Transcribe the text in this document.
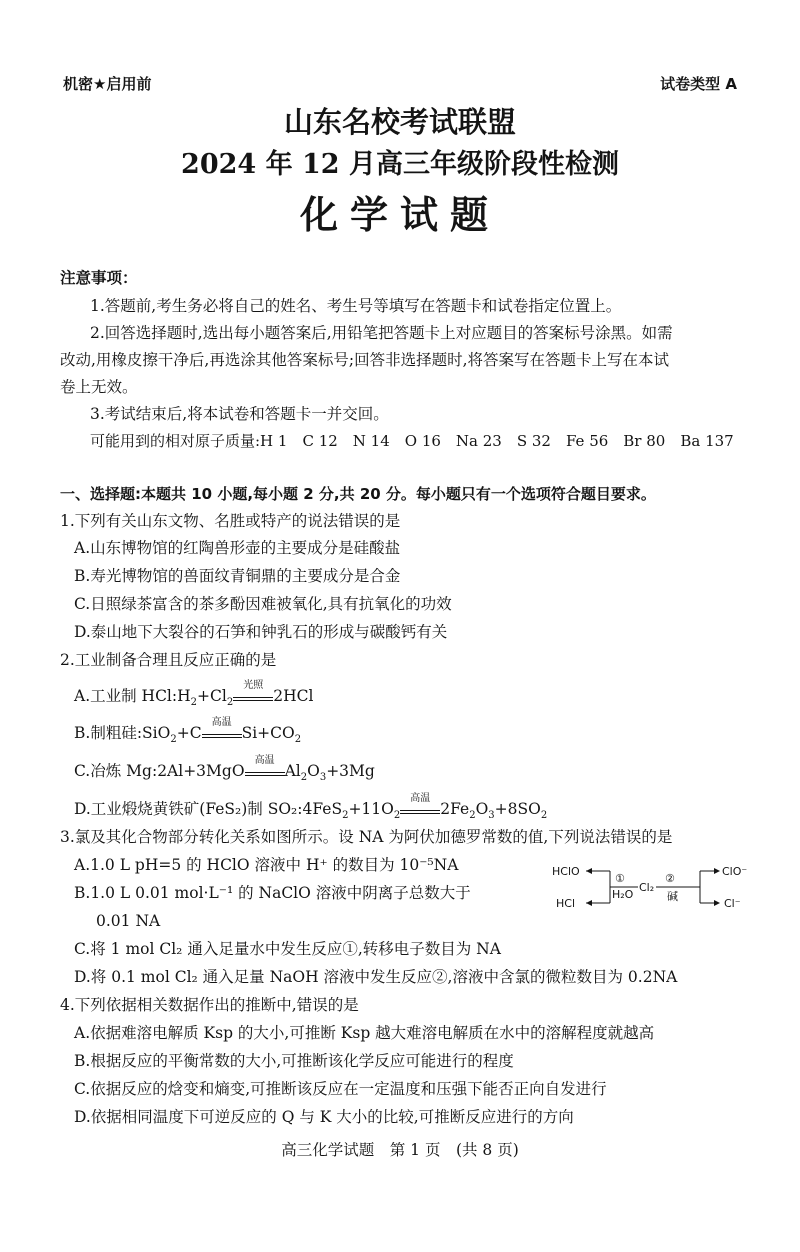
机密★启用前	试卷类型 A
山东名校考试联盟
2024 年 12 月高三年级阶段性检测
化学试题
注意事项：
1.答题前,考生务必将自己的姓名、考生号等填写在答题卡和试卷指定位置上。
2.回答选择题时,选出每小题答案后,用铅笔把答题卡上对应题目的答案标号涂黑。如需
改动,用橡皮擦干净后,再选涂其他答案标号;回答非选择题时,将答案写在答题卡上写在本试
卷上无效。
3.考试结束后,将本试卷和答题卡一并交回。
可能用到的相对原子质量:H 1　C 12　N 14　O 16　Na 23　S 32　Fe 56　Br 80　Ba 137
一、选择题:本题共 10 小题,每小题 2 分,共 20 分。每小题只有一个选项符合题目要求。
1.下列有关山东文物、名胜或特产的说法错误的是
A.山东博物馆的红陶兽形壶的主要成分是硅酸盐
B.寿光博物馆的兽面纹青铜鼎的主要成分是合金
C.日照绿茶富含的茶多酚因难被氧化,具有抗氧化的功效
D.泰山地下大裂谷的石笋和钟乳石的形成与碳酸钙有关
2.工业制备合理且反应正确的是
A.工业制 $HCl:H_2+Cl_2$
光照
2HCl
B.制粗硅:SiO$_2$+C
高温
$Si+CO_2$
C.冶炼 Mg:2Al+3MgO
高温
$Al_2O_3+3Mg$
D.工业煅烧黄铁矿(FeS₂)制 $SO_2:4FeS_2+11O_2$
高温
$2Fe_2O_3+8SO_2$
3.氯及其化合物部分转化关系如图所示。设 NA 为阿伏加德罗常数的值,下列说法错误的是
A.1.0 L pH=5 的 HClO 溶液中 H⁺ 的数目为 10⁻⁵NA
B.1.0 L 0.01 mol·L⁻¹ 的 NaClO 溶液中阴离子总数大于
0.01 NA
C.将 1 mol Cl₂ 通入足量水中发生反应①,转移电子数目为 NA
D.将 0.1 mol Cl₂ 通入足量 NaOH 溶液中发生反应②,溶液中含氯的微粒数目为 0.2NA
HClO
HCl
①
H₂O
Cl₂
②
碱
ClO⁻
Cl⁻
4.下列依据相关数据作出的推断中,错误的是
A.依据难溶电解质 Ksp 的大小,可推断 Ksp 越大难溶电解质在水中的溶解程度就越高
B.根据反应的平衡常数的大小,可推断该化学反应可能进行的程度
C.依据反应的焓变和熵变,可推断该反应在一定温度和压强下能否正向自发进行
D.依据相同温度下可逆反应的 Q 与 K 大小的比较,可推断反应进行的方向
高三化学试题　第 1 页　(共 8 页)
